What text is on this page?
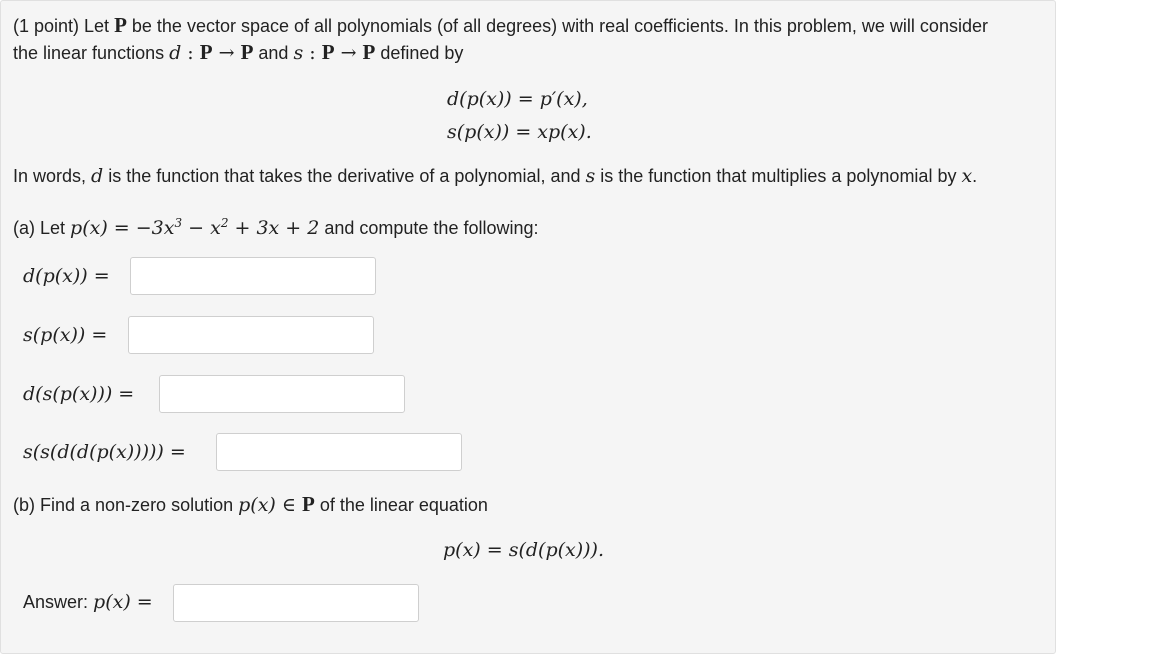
(1 point) Let P be the vector space of all polynomials (of all degrees) with real coefficients. In this problem, we will consider
the linear functions d : P → P and s : P → P defined by
d(p(x)) = p′(x),
s(p(x)) = xp(x).
In words, d is the function that takes the derivative of a polynomial, and s is the function that multiplies a polynomial by x.
(a) Let $p(x) = -3x^3 - x^2 + 3x + 2$ and compute the following:
d(p(x)) =
s(p(x)) =
d(s(p(x))) =
s(s(d(d(p(x))))) =
(b) Find a non-zero solution p(x) ∈ P of the linear equation
p(x) = s(d(p(x))).
Answer: p(x) =
